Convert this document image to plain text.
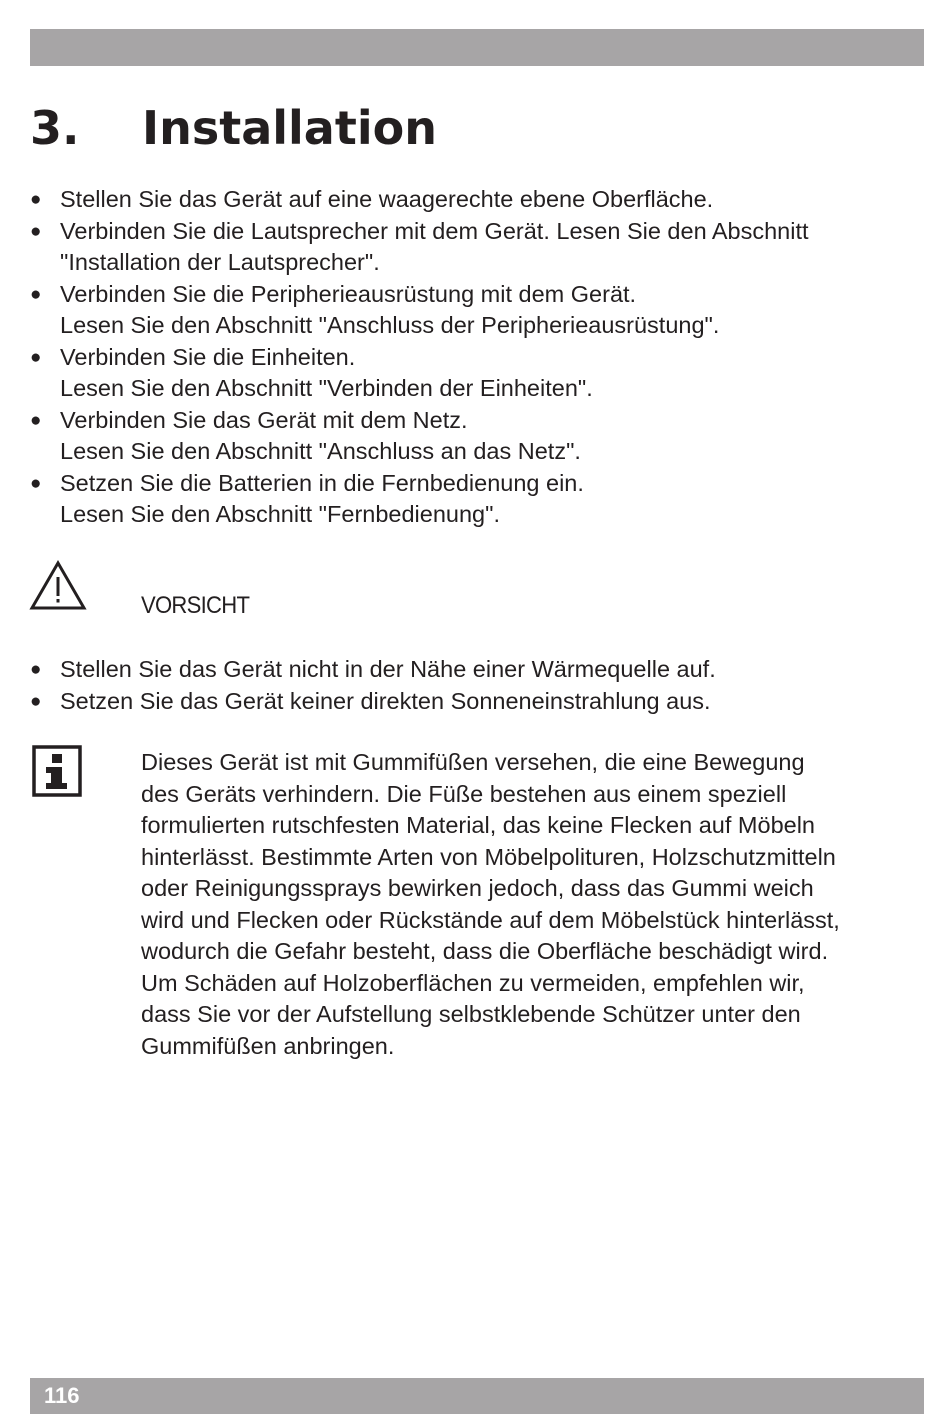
3. Installation
● Stellen Sie das Gerät auf eine waagerechte ebene Oberfläche.
● Verbinden Sie die Lautsprecher mit dem Gerät. Lesen Sie den Abschnitt
"Installation der Lautsprecher".
● Verbinden Sie die Peripherieausrüstung mit dem Gerät.
Lesen Sie den Abschnitt "Anschluss der Peripherieausrüstung".
● Verbinden Sie die Einheiten.
Lesen Sie den Abschnitt "Verbinden der Einheiten".
● Verbinden Sie das Gerät mit dem Netz.
Lesen Sie den Abschnitt "Anschluss an das Netz".
● Setzen Sie die Batterien in die Fernbedienung ein.
Lesen Sie den Abschnitt "Fernbedienung".
VORSICHT
● Stellen Sie das Gerät nicht in der Nähe einer Wärmequelle auf.
● Setzen Sie das Gerät keiner direkten Sonneneinstrahlung aus.

Dieses Gerät ist mit Gummifüßen versehen, die eine Bewegung
des Geräts verhindern. Die Füße bestehen aus einem speziell
formulierten rutschfesten Material, das keine Flecken auf Möbeln
hinterlässt. Bestimmte Arten von Möbelpolituren, Holzschutzmitteln
oder Reinigungssprays bewirken jedoch, dass das Gummi weich
wird und Flecken oder Rückstände auf dem Möbelstück hinterlässt,
wodurch die Gefahr besteht, dass die Oberfläche beschädigt wird.
Um Schäden auf Holzoberflächen zu vermeiden, empfehlen wir,
dass Sie vor der Aufstellung selbstklebende Schützer unter den
Gummifüßen anbringen.

116
